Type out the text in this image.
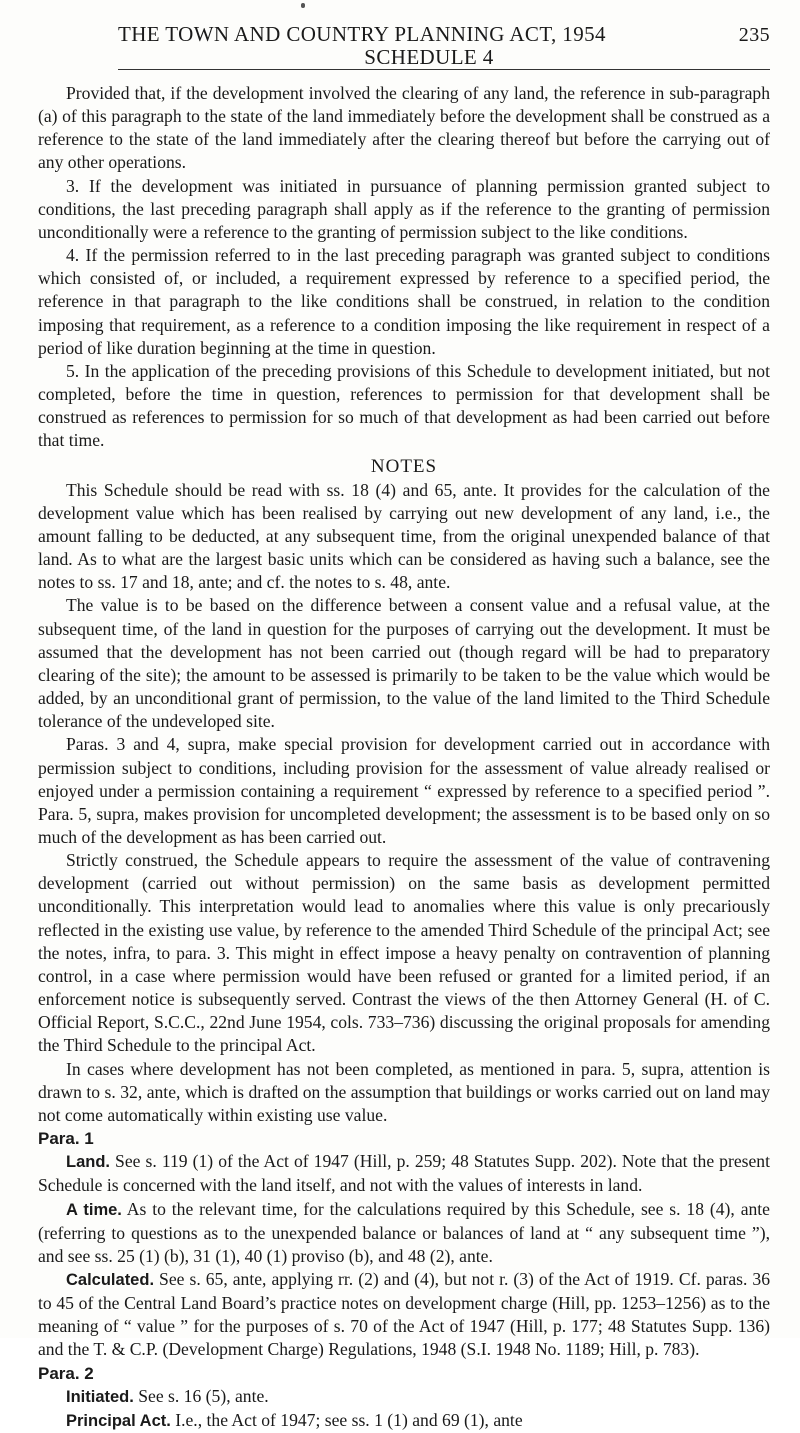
THE TOWN AND COUNTRY PLANNING ACT, 1954	235
SCHEDULE 4

Provided that, if the development involved the clearing of any land, the reference in sub-paragraph (a) of this paragraph to the state of the land immediately before the development shall be construed as a reference to the state of the land immediately after the clearing thereof but before the carrying out of any other operations.

3. If the development was initiated in pursuance of planning permission granted subject to conditions, the last preceding paragraph shall apply as if the reference to the granting of permission unconditionally were a reference to the granting of permission subject to the like conditions.

4. If the permission referred to in the last preceding paragraph was granted subject to conditions which consisted of, or included, a requirement expressed by reference to a specified period, the reference in that paragraph to the like conditions shall be construed, in relation to the condition imposing that requirement, as a reference to a condition imposing the like requirement in respect of a period of like duration beginning at the time in question.

5. In the application of the preceding provisions of this Schedule to development initiated, but not completed, before the time in question, references to permission for that development shall be construed as references to permission for so much of that development as had been carried out before that time.

NOTES

This Schedule should be read with ss. 18 (4) and 65, ante. It provides for the calculation of the development value which has been realised by carrying out new development of any land, i.e., the amount falling to be deducted, at any subsequent time, from the original unexpended balance of that land. As to what are the largest basic units which can be considered as having such a balance, see the notes to ss. 17 and 18, ante; and cf. the notes to s. 48, ante.

The value is to be based on the difference between a consent value and a refusal value, at the subsequent time, of the land in question for the purposes of carrying out the development. It must be assumed that the development has not been carried out (though regard will be had to preparatory clearing of the site); the amount to be assessed is primarily to be taken to be the value which would be added, by an unconditional grant of permission, to the value of the land limited to the Third Schedule tolerance of the undeveloped site.

Paras. 3 and 4, supra, make special provision for development carried out in accordance with permission subject to conditions, including provision for the assessment of value already realised or enjoyed under a permission containing a requirement “ expressed by reference to a specified period ”. Para. 5, supra, makes provision for uncompleted development; the assessment is to be based only on so much of the development as has been carried out.

Strictly construed, the Schedule appears to require the assessment of the value of contravening development (carried out without permission) on the same basis as development permitted unconditionally. This interpretation would lead to anomalies where this value is only precariously reflected in the existing use value, by reference to the amended Third Schedule of the principal Act; see the notes, infra, to para. 3. This might in effect impose a heavy penalty on contravention of planning control, in a case where permission would have been refused or granted for a limited period, if an enforcement notice is subsequently served. Contrast the views of the then Attorney General (H. of C. Official Report, S.C.C., 22nd June 1954, cols. 733–736) discussing the original proposals for amending the Third Schedule to the principal Act.

In cases where development has not been completed, as mentioned in para. 5, supra, attention is drawn to s. 32, ante, which is drafted on the assumption that buildings or works carried out on land may not come automatically within existing use value.

Para. 1

Land. See s. 119 (1) of the Act of 1947 (Hill, p. 259; 48 Statutes Supp. 202). Note that the present Schedule is concerned with the land itself, and not with the values of interests in land.

A time. As to the relevant time, for the calculations required by this Schedule, see s. 18 (4), ante (referring to questions as to the unexpended balance or balances of land at “ any subsequent time ”), and see ss. 25 (1) (b), 31 (1), 40 (1) proviso (b), and 48 (2), ante.

Calculated. See s. 65, ante, applying rr. (2) and (4), but not r. (3) of the Act of 1919. Cf. paras. 36 to 45 of the Central Land Board’s practice notes on development charge (Hill, pp. 1253–1256) as to the meaning of “ value ” for the purposes of s. 70 of the Act of 1947 (Hill, p. 177; 48 Statutes Supp. 136) and the T. & C.P. (Development Charge) Regulations, 1948 (S.I. 1948 No. 1189; Hill, p. 783).

Para. 2

Initiated. See s. 16 (5), ante.

Principal Act. I.e., the Act of 1947; see ss. 1 (1) and 69 (1), ante
